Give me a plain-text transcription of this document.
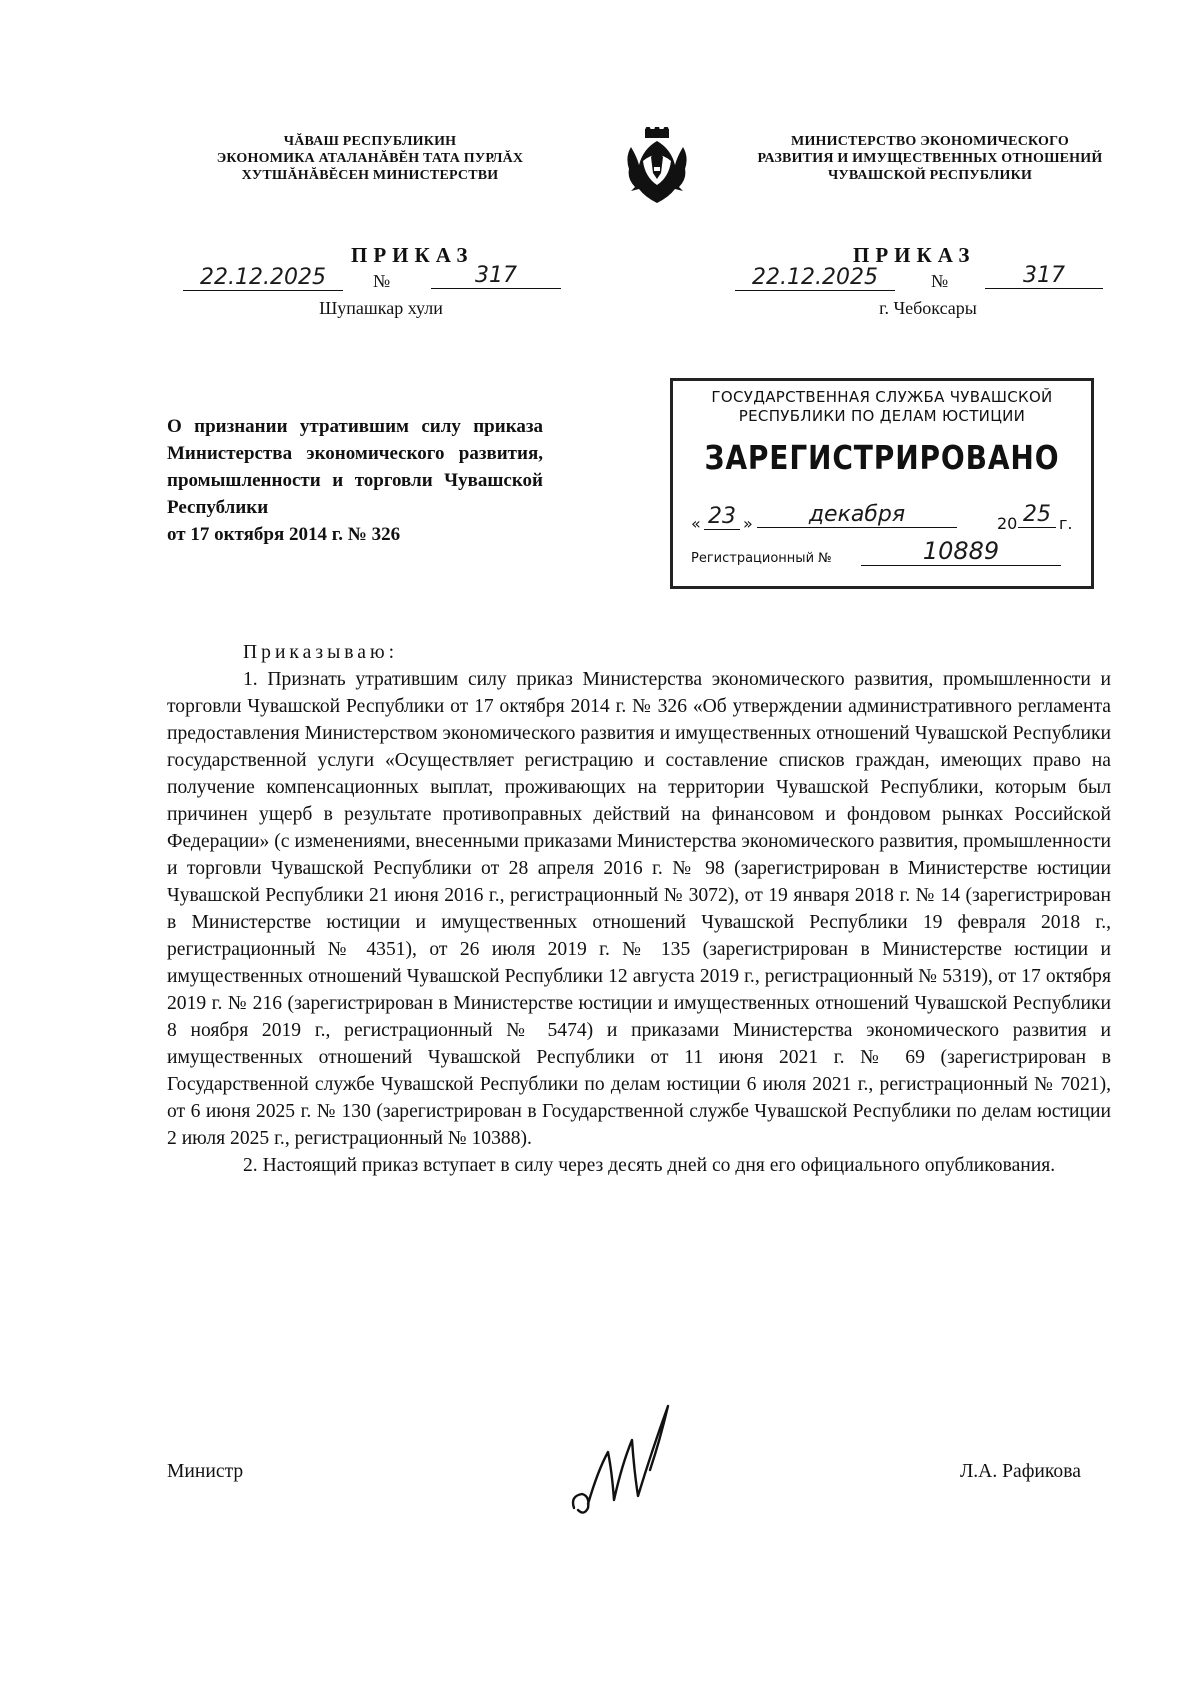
ЧĂВАШ РЕСПУБЛИКИН
ЭКОНОМИКА АТАЛАНĂВĔН ТАТА ПУРЛĂХ
ХУТШĂНĂВĔСЕН МИНИСТЕРСТВИ
МИНИСТЕРСТВО ЭКОНОМИЧЕСКОГО
РАЗВИТИЯ И ИМУЩЕСТВЕННЫХ ОТНОШЕНИЙ
ЧУВАШСКОЙ РЕСПУБЛИКИ
ПРИКАЗ
22.12.2025	№	317
Шупашкар хули
ПРИКАЗ
22.12.2025	№	317
г. Чебоксары
О признании утратившим силу приказа Министерства экономического развития, промышленности и торговли Чувашской Республики
от 17 октября 2014 г. № 326
ГОСУДАРСТВЕННАЯ СЛУЖБА ЧУВАШСКОЙ
РЕСПУБЛИКИ ПО ДЕЛАМ ЮСТИЦИИ
ЗАРЕГИСТРИРОВАНО
« 23 »	декабря	20 25 г.
Регистрационный №	10889

Приказываю:

1. Признать утратившим силу приказ Министерства экономического развития, промышленности и торговли Чувашской Республики от 17 октября 2014 г. № 326 «Об утверждении административного регламента предоставления Министерством экономического развития и имущественных отношений Чувашской Республики государственной услуги «Осуществляет регистрацию и составление списков граждан, имеющих право на получение компенсационных выплат, проживающих на территории Чувашской Республики, которым был причинен ущерб в результате противоправных действий на финансовом и фондовом рынках Российской Федерации» (с изменениями, внесенными приказами Министерства экономического развития, промышленности и торговли Чувашской Республики от 28 апреля 2016 г. № 98 (зарегистрирован в Министерстве юстиции Чувашской Республики 21 июня 2016 г., регистрационный № 3072), от 19 января 2018 г. № 14 (зарегистрирован в Министерстве юстиции и имущественных отношений Чувашской Республики 19 февраля 2018 г., регистрационный № 4351), от 26 июля 2019 г. № 135 (зарегистрирован в Министерстве юстиции и имущественных отношений Чувашской Республики 12 августа 2019 г., регистрационный № 5319), от 17 октября 2019 г. № 216 (зарегистрирован в Министерстве юстиции и имущественных отношений Чувашской Республики 8 ноября 2019 г., регистрационный № 5474) и приказами Министерства экономического развития и имущественных отношений Чувашской Республики от 11 июня 2021 г. № 69 (зарегистрирован в Государственной службе Чувашской Республики по делам юстиции 6 июля 2021 г., регистрационный № 7021), от 6 июня 2025 г. № 130 (зарегистрирован в Государственной службе Чувашской Республики по делам юстиции 2 июля 2025 г., регистрационный № 10388).

2. Настоящий приказ вступает в силу через десять дней со дня его официального опубликования.

Министр	Л.А. Рафикова
